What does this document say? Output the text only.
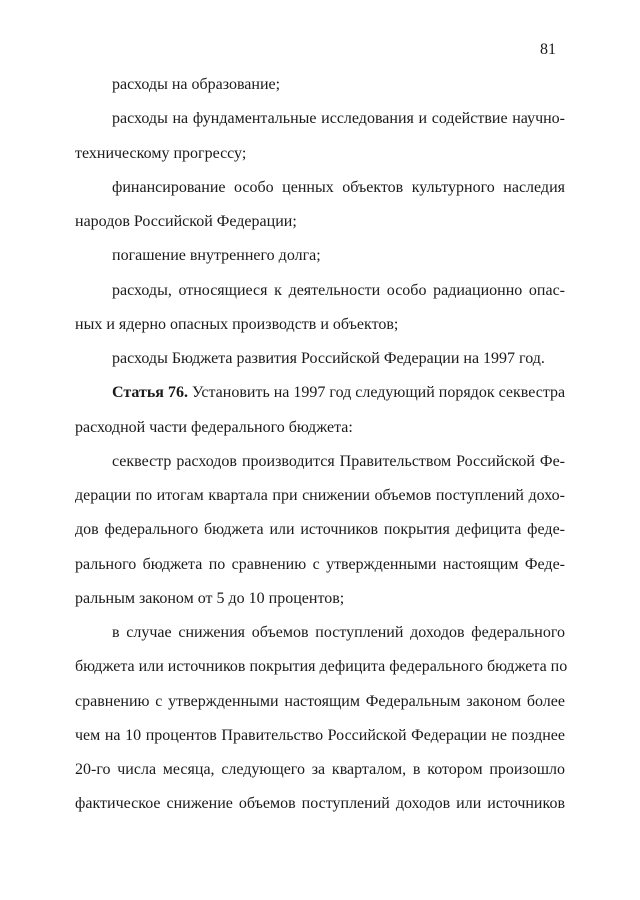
81
расходы на образование;
расходы на фундаментальные исследования и содействие научно-
техническому прогрессу;
финансирование особо ценных объектов культурного наследия
народов Российской Федерации;
погашение внутреннего долга;
расходы, относящиеся к деятельности особо радиационно опас-
ных и ядерно опасных производств и объектов;
расходы Бюджета развития Российской Федерации на 1997 год.
Статья 76. Установить на 1997 год следующий порядок секвестра
расходной части федерального бюджета:
секвестр расходов производится Правительством Российской Фе-
дерации по итогам квартала при снижении объемов поступлений дохо-
дов федерального бюджета или источников покрытия дефицита феде-
рального бюджета по сравнению с утвержденными настоящим Феде-
ральным законом от 5 до 10 процентов;
в случае снижения объемов поступлений доходов федерального
бюджета или источников покрытия дефицита федерального бюджета по
сравнению с утвержденными настоящим Федеральным законом более
чем на 10 процентов Правительство Российской Федерации не позднее
20-го числа месяца, следующего за кварталом, в котором произошло
фактическое снижение объемов поступлений доходов или источников
